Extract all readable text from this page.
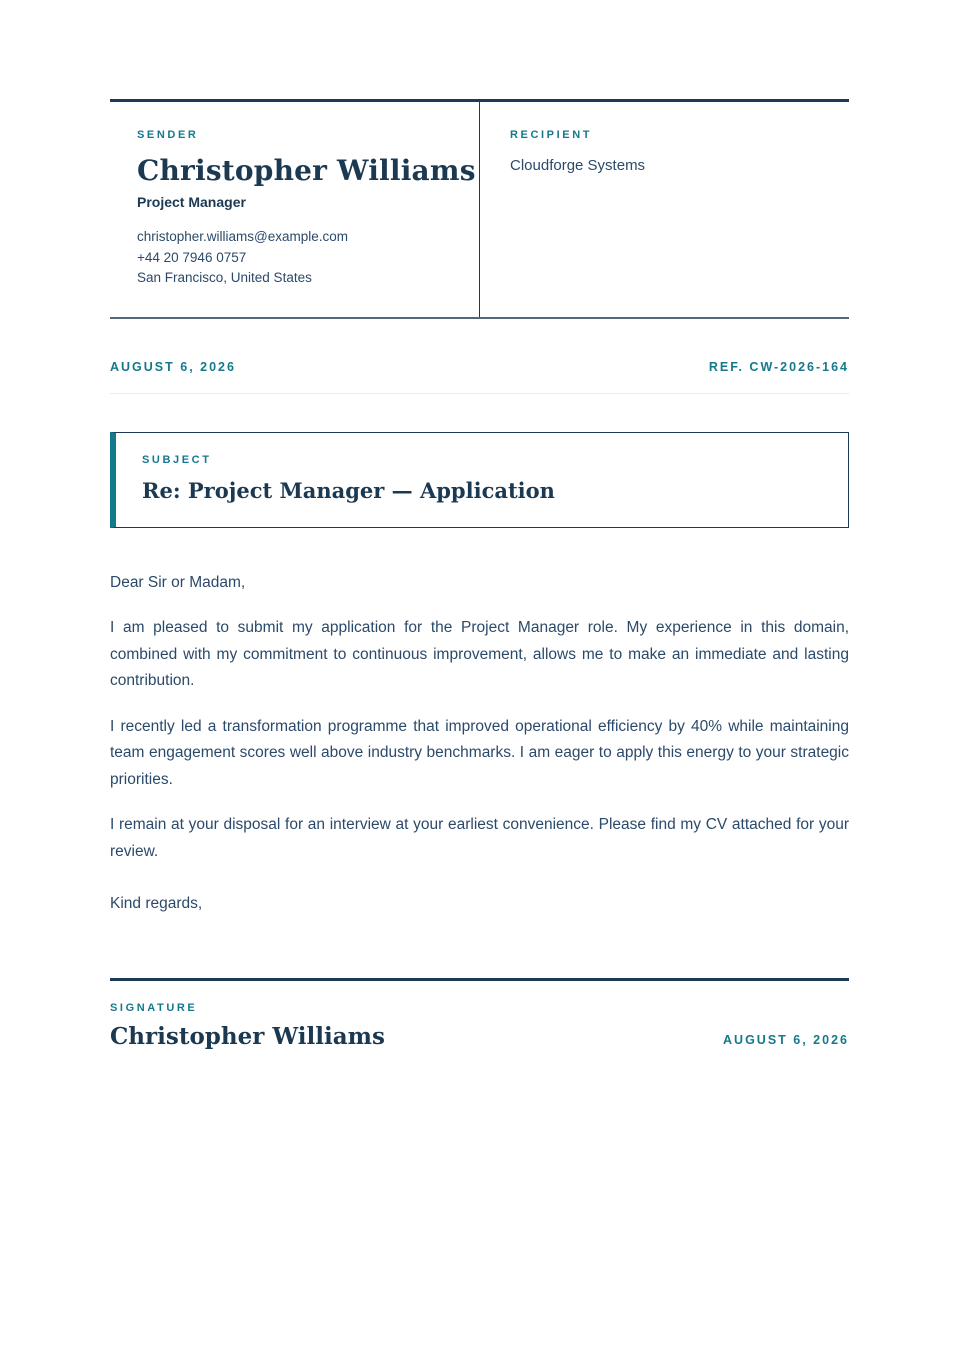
SENDER
Christopher Williams
Project Manager
christopher.williams@example.com
+44 20 7946 0757
San Francisco, United States
RECIPIENT
Cloudforge Systems
AUGUST 6, 2026	REF. CW-2026-164
SUBJECT
Re: Project Manager — Application

Dear Sir or Madam,

I am pleased to submit my application for the Project Manager role. My experience in this domain, combined with my commitment to continuous improvement, allows me to make an immediate and lasting contribution.

I recently led a transformation programme that improved operational efficiency by 40% while maintaining team engagement scores well above industry benchmarks. I am eager to apply this energy to your strategic priorities.

I remain at your disposal for an interview at your earliest convenience. Please find my CV attached for your review.

Kind regards,

SIGNATURE
Christopher Williams	AUGUST 6, 2026
